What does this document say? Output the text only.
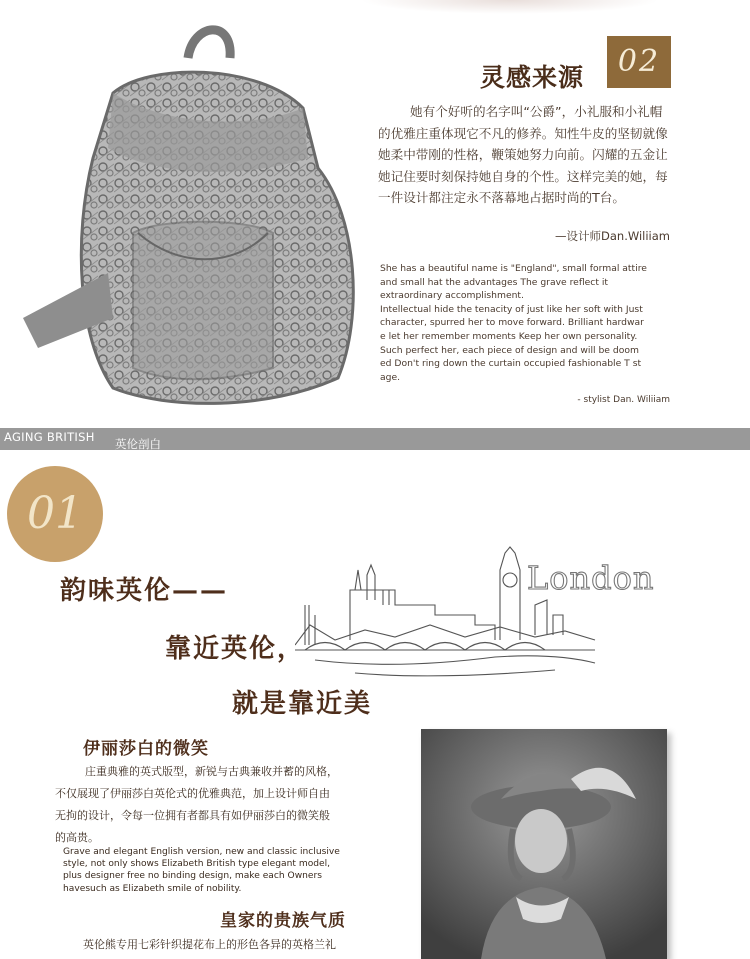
灵感来源	02
她有个好听的名字叫“公爵”，小礼服和小礼帽的优雅庄重体现它不凡的修养。知性牛皮的坚韧就像她柔中带刚的性格，鞭策她努力向前。闪耀的五金让她记住要时刻保持她自身的个性。这样完美的她，每一件设计都注定永不落幕地占据时尚的T台。
—设计师Dan.Wiliiam

She has a beautiful name is "England", small formal attire

and small hat the advantages The grave reflect it

extraordinary accomplishment.

Intellectual hide the tenacity of just like her soft with Just

character, spurred her to move forward. Brilliant hardwar

e let her remember moments Keep her own personality.

Such perfect her, each piece of design and will be doom

ed Don't ring down the curtain occupied fashionable T st

age.

- stylist Dan. Wiliiam
AGING BRITISH 英伦剖白
01
韵味英伦——
靠近英伦，
就是靠近美
London
伊丽莎白的微笑
庄重典雅的英式版型，新锐与古典兼收并蓄的风格，
不仅展现了伊丽莎白英伦式的优雅典范，加上设计师自由
无拘的设计，令每一位拥有者都具有如伊丽莎白的微笑般
的高贵。
Grave and elegant English version, new and classic inclusive
style, not only shows Elizabeth British type elegant model,
plus designer free no binding design, make each Owners
havesuch as Elizabeth smile of nobility.
皇家的贵族气质
英伦熊专用七彩针织提花布上的形色各异的英格兰礼
